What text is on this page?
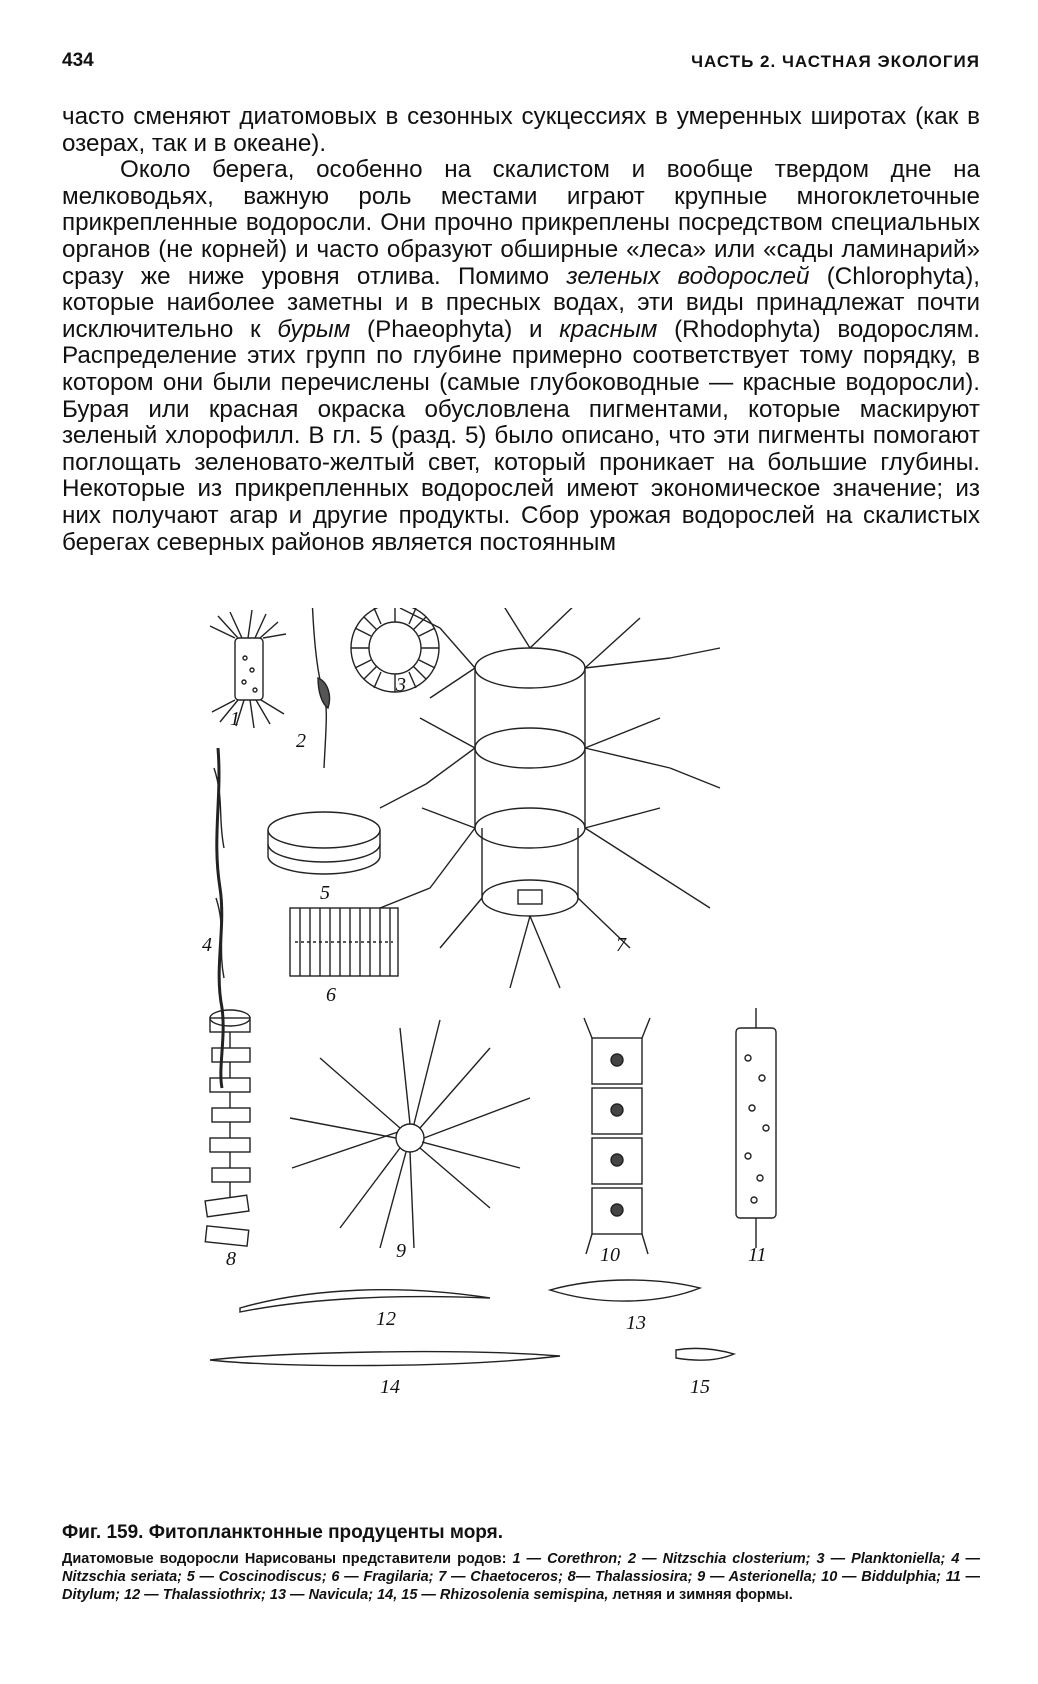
434	ЧАСТЬ 2. ЧАСТНАЯ ЭКОЛОГИЯ

часто сменяют диатомовых в сезонных сукцессиях в умеренных широтах (как в озерах, так и в океане).

Около берега, особенно на скалистом и вообще твердом дне на мелководьях, важную роль местами играют крупные многоклеточные прикрепленные водоросли. Они прочно прикреплены посредством специальных органов (не корней) и часто образуют обширные «леса» или «сады ламинарий» сразу же ниже уровня отлива. Помимо зеленых водорослей (Chlorophyta), которые наиболее заметны и в пресных водах, эти виды принадлежат почти исключительно к бурым (Phaeophyta) и красным (Rhodophyta) водорослям. Распределение этих групп по глубине примерно соответствует тому порядку, в котором они были перечислены (самые глубоководные — красные водоросли). Бурая или красная окраска обусловлена пигментами, которые маскируют зеленый хлорофилл. В гл. 5 (разд. 5) было описано, что эти пигменты помогают поглощать зеленовато-желтый свет, который проникает на большие глубины. Некоторые из прикрепленных водорослей имеют экономическое значение; из них получают агар и другие продукты. Сбор урожая водорослей на скалистых берегах северных районов является постоянным

1
2
3
4
5
6
7
8	9	10	11
12	13
14	15
Фиг. 159. Фитопланктонные продуценты моря.
Диатомовые водоросли Нарисованы представители родов: 1 — Corethron; 2 — Nitzschia closterium; 3 — Planktoniella; 4 — Nitzschia seriata; 5 — Coscinodiscus; 6 — Fragilaria; 7 — Chaetoceros; 8— Thalassiosira; 9 — Asterionella; 10 — Biddulphia; 11 — Ditylum; 12 — Thalassiothrix; 13 — Navicula; 14, 15 — Rhizosolenia semispina, летняя и зимняя формы.
